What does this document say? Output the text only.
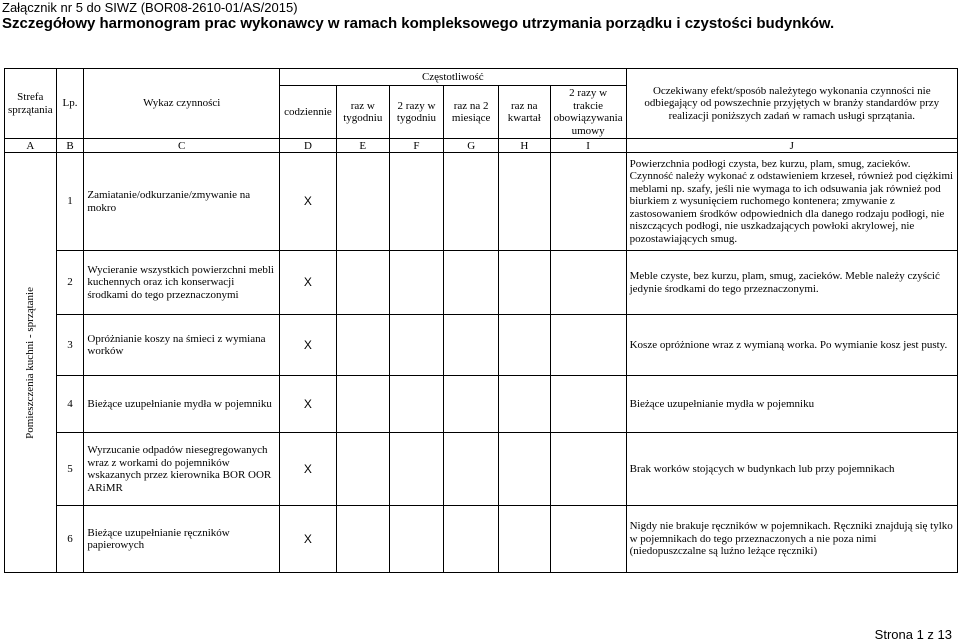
Załącznik nr 5 do SIWZ (BOR08-2610-01/AS/2015)
Szczegółowy harmonogram prac wykonawcy w ramach kompleksowego utrzymania porządku i czystości budynków.
Strefa sprzątania	Lp.	Wykaz czynności	Częstotliwość						Oczekiwany efekt/sposób należytego wykonania czynności nie odbiegający od powszechnie przyjętych w branży standardów przy realizacji poniższych zadań w ramach usługi sprzątania.
			codziennie	raz w tygodniu	2 razy w tygodniu	raz na 2 miesiące	raz na kwartał	2 razy w trakcie obowiązywania umowy	
A	B	C	D	E	F	G	H	I	J

Pomieszczenia kuchni - sprzątanie	1	Zamiatanie/odkurzanie/zmywanie na mokro	X						Powierzchnia podłogi czysta, bez kurzu, plam, smug, zacieków. Czynność należy wykonać z odstawieniem krzeseł, również pod ciężkimi meblami np. szafy, jeśli nie wymaga to ich odsuwania jak również pod biurkiem z wysunięciem ruchomego kontenera; zmywanie z zastosowaniem środków odpowiednich dla danego rodzaju podłogi, nie niszczących podłogi, nie uszkadzających powłoki akrylowej, nie pozostawiających smug.
	2	Wycieranie wszystkich powierzchni mebli kuchennych oraz ich konserwacji środkami do tego przeznaczonymi	X						Meble czyste, bez kurzu, plam, smug, zacieków. Meble należy czyścić jedynie środkami do tego przeznaczonymi.
	3	Opróżnianie koszy na śmieci z wymiana worków	X						Kosze opróżnione wraz z wymianą worka. Po wymianie kosz jest pusty.
	4	Bieżące uzupełnianie mydła w pojemniku	X						Bieżące uzupełnianie mydła w pojemniku
	5	Wyrzucanie odpadów niesegregowanych wraz z workami do pojemników wskazanych przez kierownika BOR OOR ARiMR	X						Brak worków stojących w budynkach lub przy pojemnikach
	6	Bieżące uzupełnianie ręczników papierowych	X						Nigdy nie brakuje ręczników w pojemnikach. Ręczniki znajdują się tylko w pojemnikach do tego przeznaczonych a nie poza nimi (niedopuszczalne są luźno leżące ręczniki)
Strona 1 z 13
